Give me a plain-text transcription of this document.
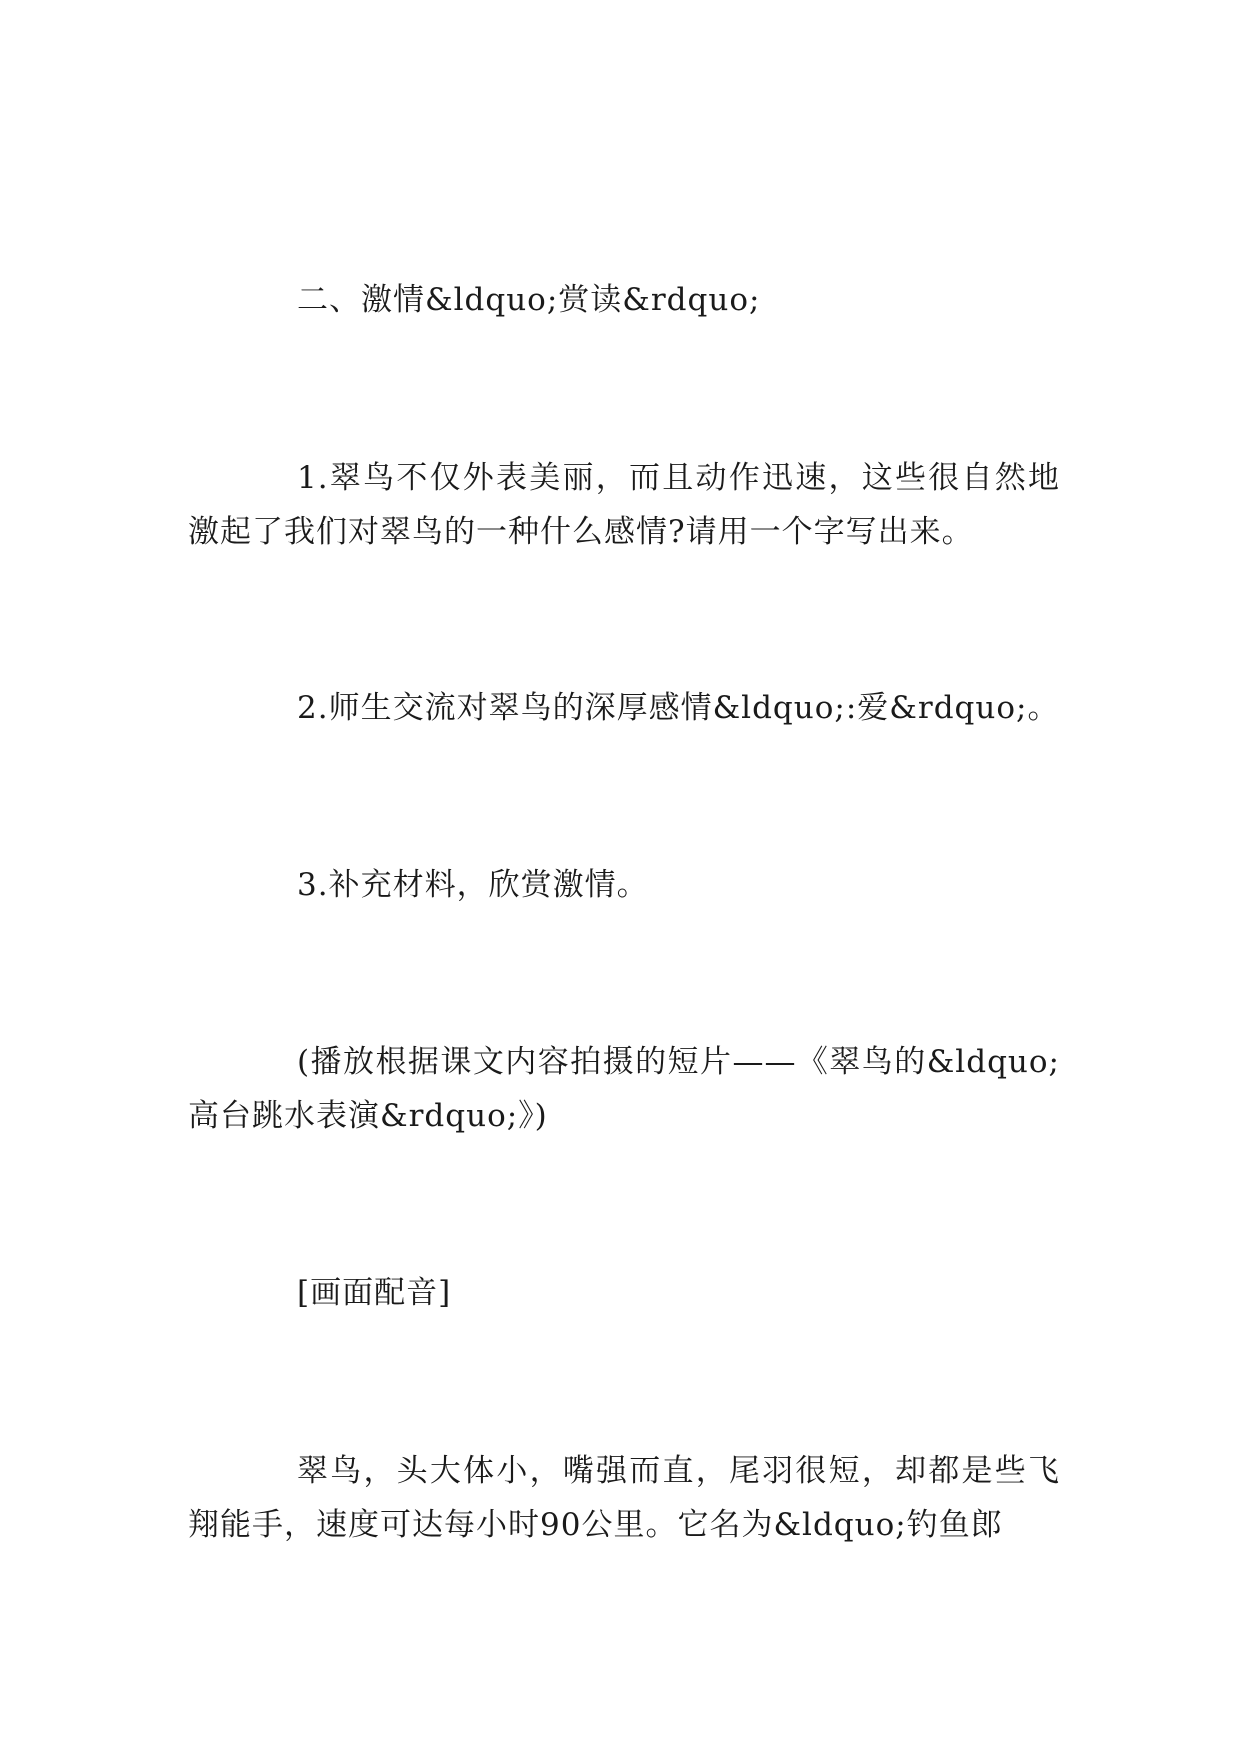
二、激情&ldquo;赏读&rdquo;

1.翠鸟不仅外表美丽，而且动作迅速，这些很自然地激起了我们对翠鸟的一种什么感情?请用一个字写出来。

2.师生交流对翠鸟的深厚感情&ldquo;:爱&rdquo;。

3.补充材料，欣赏激情。

(播放根据课文内容拍摄的短片——《翠鸟的&ldquo;高台跳水表演&rdquo;》)

[画面配音]

翠鸟，头大体小，嘴强而直，尾羽很短，却都是些飞翔能手，速度可达每小时90公里。它名为&ldquo;钓鱼郎
